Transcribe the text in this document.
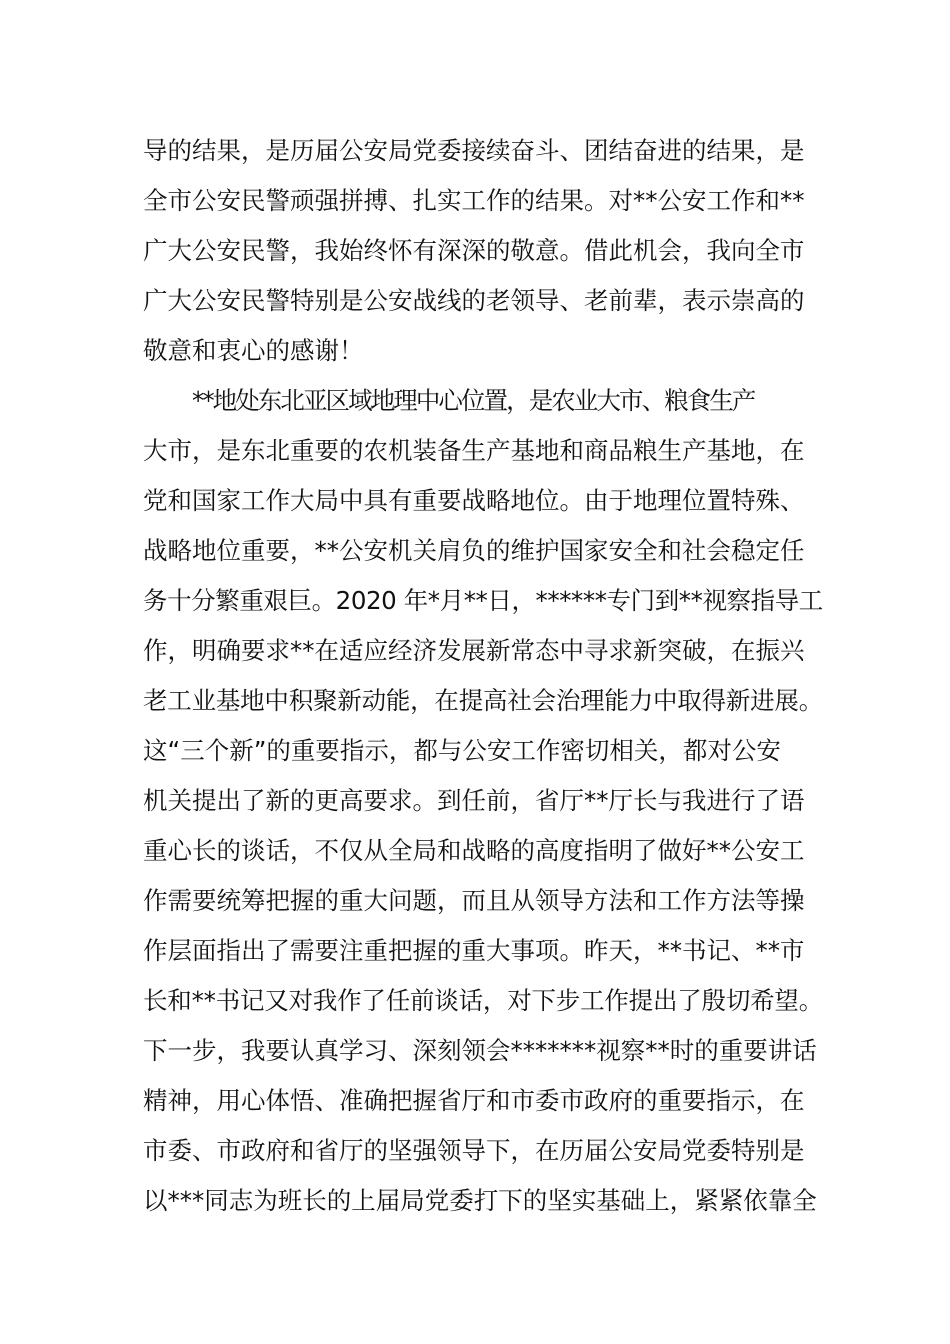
导的结果，是历届公安局党委接续奋斗、团结奋进的结果，是
全市公安民警顽强拼搏、扎实工作的结果。对**公安工作和**
广大公安民警，我始终怀有深深的敬意。借此机会，我向全市
广大公安民警特别是公安战线的老领导、老前辈，表示崇高的
敬意和衷心的感谢！
**地处东北亚区域地理中心位置，是农业大市、粮食生产
大市，是东北重要的农机装备生产基地和商品粮生产基地，在
党和国家工作大局中具有重要战略地位。由于地理位置特殊、
战略地位重要，**公安机关肩负的维护国家安全和社会稳定任
务十分繁重艰巨。2020 年*月**日，******专门到**视察指导工
作，明确要求**在适应经济发展新常态中寻求新突破，在振兴
老工业基地中积聚新动能，在提高社会治理能力中取得新进展。
这“三个新”的重要指示，都与公安工作密切相关，都对公安
机关提出了新的更高要求。到任前，省厅**厅长与我进行了语
重心长的谈话，不仅从全局和战略的高度指明了做好**公安工
作需要统筹把握的重大问题，而且从领导方法和工作方法等操
作层面指出了需要注重把握的重大事项。昨天，**书记、**市
长和**书记又对我作了任前谈话，对下步工作提出了殷切希望。
下一步，我要认真学习、深刻领会*******视察**时的重要讲话
精神，用心体悟、准确把握省厅和市委市政府的重要指示，在
市委、市政府和省厅的坚强领导下，在历届公安局党委特别是
以***同志为班长的上届局党委打下的坚实基础上，紧紧依靠全
